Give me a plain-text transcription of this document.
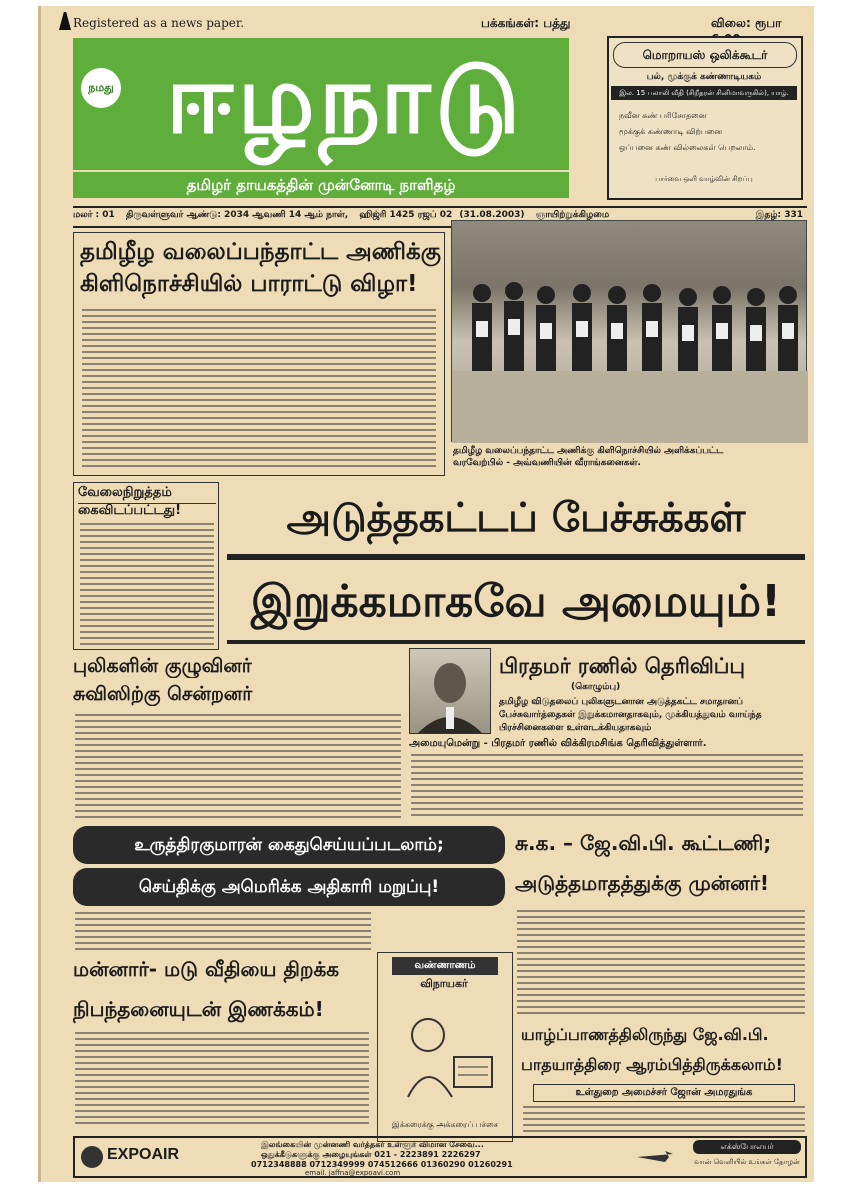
Registered as a news paper.	பக்கங்கள்: பத்து	விலை: ரூபா
நமது ஈழநாடு
தமிழர் தாயகத்தின் முன்னோடி நாளிதழ்
மொறாயஸ் ஒலிக்கூடர்
பல், மூக்குக் கண்ணாடியகம்
இல. 15 பலாலி வீதி (சிறீதரன் சினிமாவருகில்), யாழ்.
நவீன கண் பரிசோதனை
மூக்குக் கண்ணாடி விற்பனை
ஒப்பனை கண் வில்லைகள் பெறலாம்.
பார்வை ஒளி வாழ்வின் சிறப்பு
மலர் : 01 திருவள்ளுவர் ஆண்டு: 2034 ஆவணி 14 ஆம் நாள், ஹிஜ்ரி 1425 ரஜப் 02 (31.08.2003) ஞாயிற்றுக்கிழமை	இதழ்: 331
தமிழீழ வலைப்பந்தாட்ட அணிக்கு
கிளிநொச்சியில் பாராட்டு விழா!
தமிழீழ வலைப்பந்தாட்ட அணிக்கு கிளிநொச்சியில் அளிக்கப்பட்ட
வரவேற்பில் - அவ்வணியின் வீராங்கனைகள்.
வேலைநிறுத்தம்
கைவிடப்பட்டது!	அடுத்தகட்டப் பேச்சுக்கள்
இறுக்கமாகவே அமையும்!
புலிகளின் குழுவினர்
சுவிஸிற்கு சென்றனர்
பிரதமர் ரணில் தெரிவிப்பு
(கொழும்பு)
தமிழீழ விடுதலைப் புலிகளுடனான அடுத்தகட்ட சமாதானப் பேச்சுவார்த்தைகள் இறுக்கமானதாகவும், முக்கியத்துவம் வாய்ந்த பிரச்சினைகளை உள்ளடக்கியதாகவும்
அமையுமென்று - பிரதமர் ரணில் விக்கிரமசிங்க தெரிவித்துள்ளார்.
உருத்திரகுமாரன் கைதுசெய்யப்படலாம்;
செய்திக்கு அமெரிக்க அதிகாரி மறுப்பு!
சு.க. – ஜே.வி.பி. கூட்டணி;
அடுத்தமாதத்துக்கு முன்னர்!
வண்ணாணம்
விநாயகர்
இக்கரைக்கு அக்கரைப் பச்சை
மன்னார்- மடு வீதியை திறக்க
நிபந்தனையுடன் இணக்கம்!
யாழ்ப்பாணத்திலிருந்து ஜே.வி.பி.
பாதயாத்திரை ஆரம்பித்திருக்கலாம்!
உள்துறை அமைச்சர் ஜோன் அமரதுங்க
EXPOAIR
இலங்கையின் முன்னணி வர்த்தகர் உள்ளூர் விமான சேவை...
ஒதுக்கீடுகளுக்கு அழையுங்கள் 021 - 2223891 2226297
0712348888 0712349999 074512666 01360290 01260291
email. jaffna@expoavi.com
எக்ஸ்போஎயர்
வான் வெளியில் உங்கள் தோழன்
